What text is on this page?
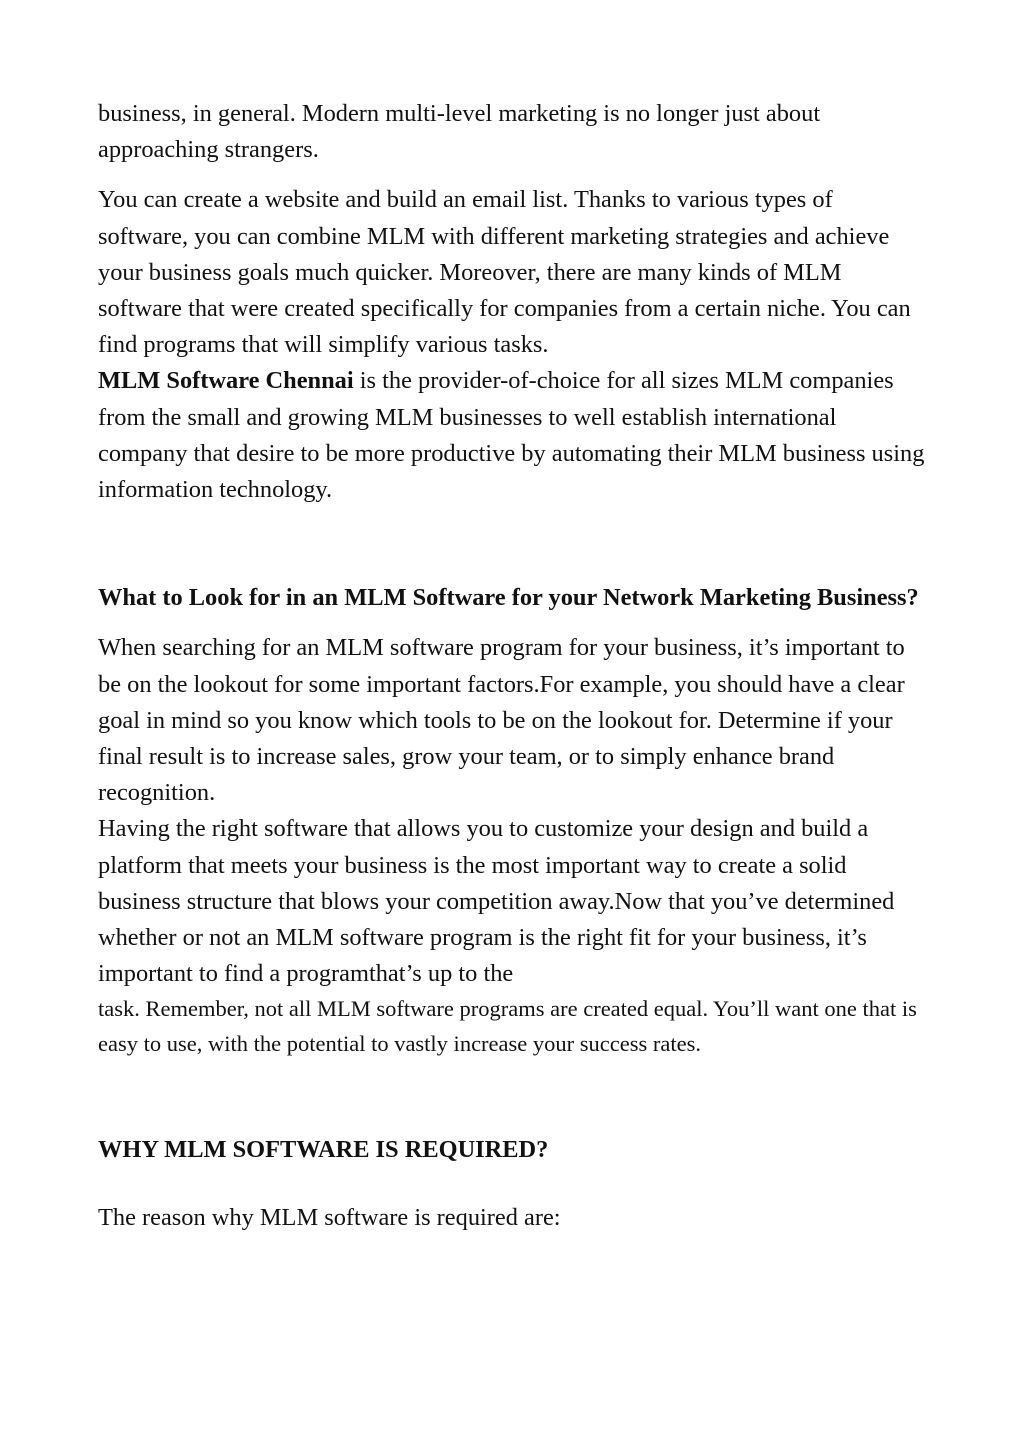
business, in general. Modern multi-level marketing is no longer just about approaching strangers.

You can create a website and build an email list. Thanks to various types of software, you can combine MLM with different marketing strategies and achieve your business goals much quicker. Moreover, there are many kinds of MLM software that were created specifically for companies from a certain niche. You can find programs that will simplify various tasks.
MLM Software Chennai is the provider-of-choice for all sizes MLM companies from the small and growing MLM businesses to well establish international company that desire to be more productive by automating their MLM business using information technology.

What to Look for in an MLM Software for your Network Marketing Business?

When searching for an MLM software program for your business, it’s important to be on the lookout for some important factors.For example, you should have a clear goal in mind so you know which tools to be on the lookout for. Determine if your final result is to increase sales, grow your team, or to simply enhance brand recognition.

Having the right software that allows you to customize your design and build a platform that meets your business is the most important way to create a solid business structure that blows your competition away.Now that you’ve determined whether or not an MLM software program is the right fit for your business, it’s important to find a programthat’s up to the

task. Remember, not all MLM software programs are created equal. You’ll want one that is easy to use, with the potential to vastly increase your success rates.

WHY MLM SOFTWARE IS REQUIRED?

The reason why MLM software is required are:
